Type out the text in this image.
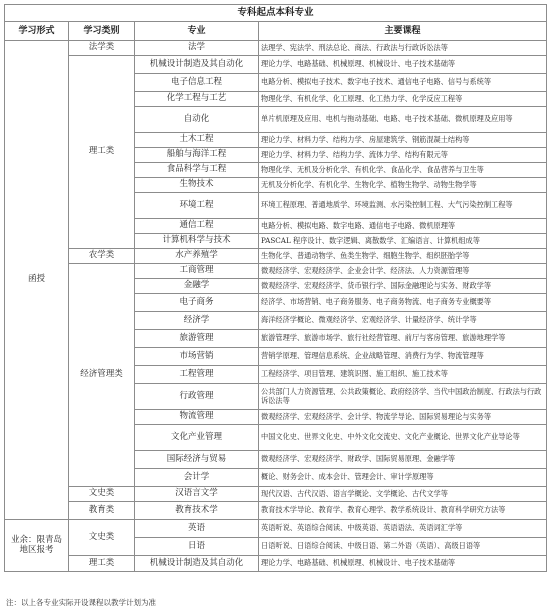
专科起点本科专业			
学习形式	学习类别	专业	主要课程
函授	法学类	法学	法理学、宪法学、刑法总论、商法、行政法与行政诉讼法等
	理工类	机械设计制造及其自动化	理论力学、电路基础、机械原理、机械设计、电子技术基础等
		电子信息工程	电路分析、模拟电子技术、数字电子技术、通信电子电路、信号与系统等
		化学工程与工艺	物理化学、有机化学、化工原理、化工热力学、化学反应工程等
		自动化	单片机原理及应用、电机与拖动基础、电路、电子技术基础、微机原理及应用等
		土木工程	理论力学、材料力学、结构力学、房屋建筑学、钢筋混凝土结构等
		船舶与海洋工程	理论力学、材料力学、结构力学、流体力学、结构有限元等
		食品科学与工程	物理化学、无机及分析化学、有机化学、食品化学、食品营养与卫生等
		生物技术	无机及分析化学、有机化学、生物化学、植物生物学、动物生物学等
		环境工程	环境工程原理、普通地质学、环境监测、水污染控制工程、大气污染控制工程等
		通信工程	电路分析、模拟电路、数字电路、通信电子电路、微机原理等
		计算机科学与技术	PASCAL 程序设计、数字逻辑、离散数学、汇编语言、计算机组成等
	农学类	水产养殖学	生物化学、普通动物学、鱼类生物学、细胞生物学、组织胚胎学等
	经济管理类	工商管理	微观经济学、宏观经济学、企业会计学、经济法、人力资源管理等
		金融学	微观经济学、宏观经济学、货币银行学、国际金融理论与实务、财政学等
		电子商务	经济学、市场营销、电子商务服务、电子商务物流、电子商务专业概要等
		经济学	海洋经济学概论、微观经济学、宏观经济学、计量经济学、统计学等
		旅游管理	旅游管理学、旅游市场学、旅行社经营管理、前厅与客房管理、旅游地理学等
		市场营销	营销学原理、管理信息系统、企业战略管理、消费行为学、物流管理等
		工程管理	工程经济学、项目管理、建筑识图、施工组织、施工技术等
		行政管理	公共部门人力资源管理、公共政策概论、政府经济学、当代中国政治制度、行政法与行政诉讼法等
		物流管理	微观经济学、宏观经济学、会计学、物流学导论、国际贸易理论与实务等
		文化产业管理	中国文化史、世界文化史、中外文化交流史、文化产业概论、世界文化产业导论等
		国际经济与贸易	微观经济学、宏观经济学、财政学、国际贸易原理、金融学等
		会计学	概论、财务会计、成本会计、管理会计、审计学原理等
	文史类	汉语言文学	现代汉语、古代汉语、语言学概论、文学概论、古代文学等
	教育类	教育技术学	教育技术学导论、教育学、教育心理学、教学系统设计、教育科学研究方法等
业余：限青岛地区报考	文史类	英语	英语听说、英语综合阅读、中级英语、英语语法、英语词汇学等
		日语	日语听说、日语综合阅读、中级日语、第二外语（英语）、高级日语等
	理工类	机械设计制造及其自动化	理论力学、电路基础、机械原理、机械设计、电子技术基础等
注：以上各专业实际开设课程以教学计划为准
